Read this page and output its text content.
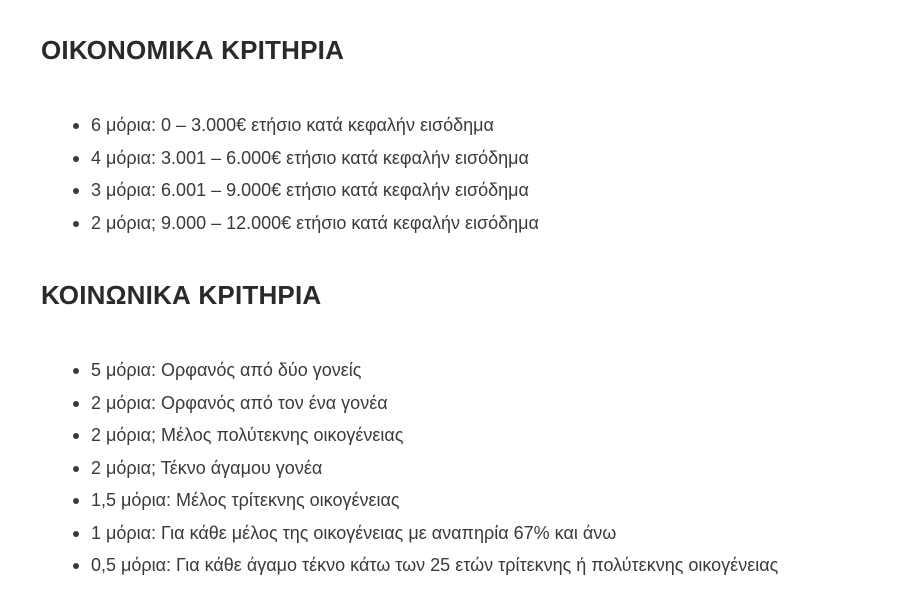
ΟΙΚΟΝΟΜΙΚΑ ΚΡΙΤΗΡΙΑ
6 μόρια: 0 – 3.000€ ετήσιο κατά κεφαλήν εισόδημα
4 μόρια: 3.001 – 6.000€ ετήσιο κατά κεφαλήν εισόδημα
3 μόρια: 6.001 – 9.000€ ετήσιο κατά κεφαλήν εισόδημα
2 μόρια; 9.000 – 12.000€ ετήσιο κατά κεφαλήν εισόδημα
ΚΟΙΝΩΝΙΚΑ ΚΡΙΤΗΡΙΑ
5 μόρια: Ορφανός από δύο γονείς
2 μόρια: Ορφανός από τον ένα γονέα
2 μόρια; Μέλος πολύτεκνης οικογένειας
2 μόρια; Τέκνο άγαμου γονέα
1,5 μόρια: Μέλος τρίτεκνης οικογένειας
1 μόρια: Για κάθε μέλος της οικογένειας με αναπηρία 67% και άνω
0,5 μόρια: Για κάθε άγαμο τέκνο κάτω των 25 ετών τρίτεκνης ή πολύτεκνης οικογένειας
